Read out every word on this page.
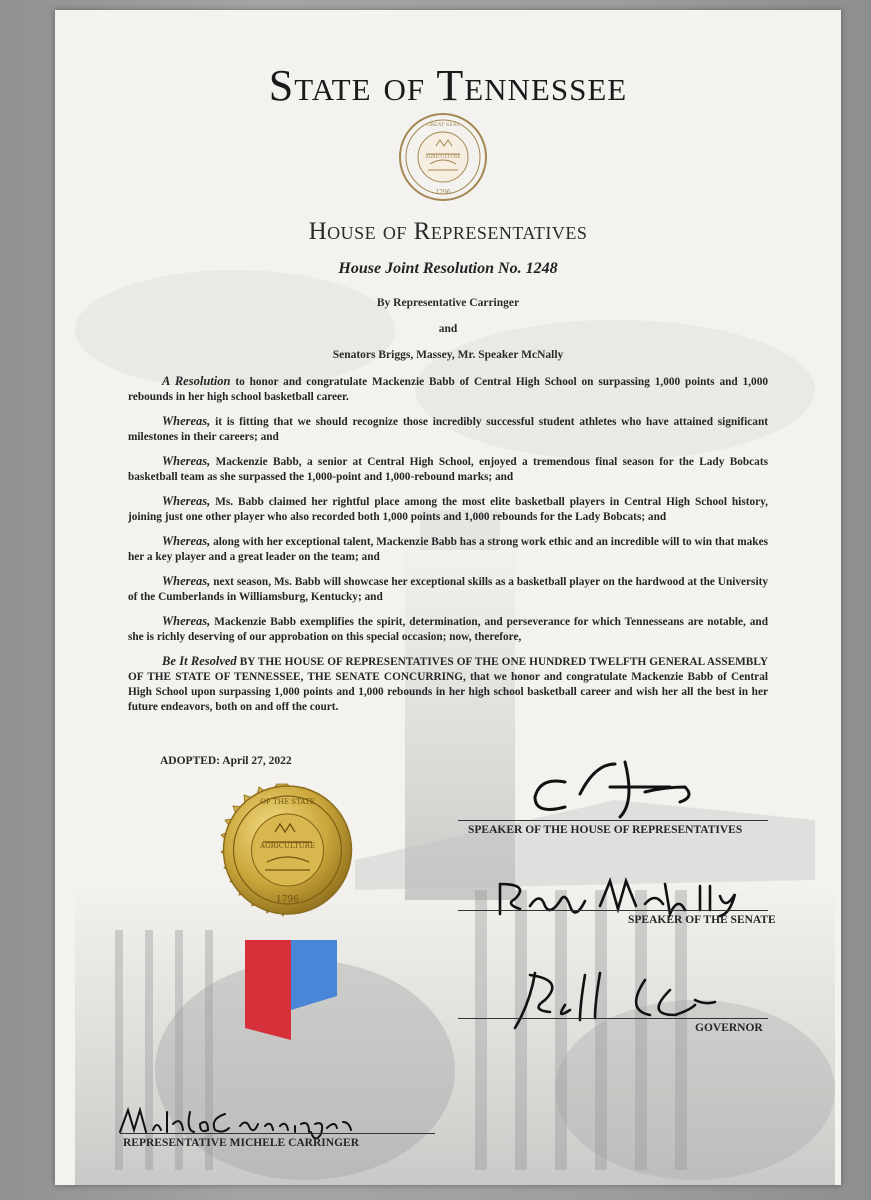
State of Tennessee
GREAT SEAL
1796
AGRICULTURE
House of Representatives
House Joint Resolution No. 1248
By Representative Carringer
and
Senators Briggs, Massey, Mr. Speaker McNally

A Resolution to honor and congratulate Mackenzie Babb of Central High School on surpassing 1,000 points and 1,000 rebounds in her high school basketball career.

Whereas, it is fitting that we should recognize those incredibly successful student athletes who have attained significant milestones in their careers; and

Whereas, Mackenzie Babb, a senior at Central High School, enjoyed a tremendous final season for the Lady Bobcats basketball team as she surpassed the 1,000-point and 1,000-rebound marks; and

Whereas, Ms. Babb claimed her rightful place among the most elite basketball players in Central High School history, joining just one other player who also recorded both 1,000 points and 1,000 rebounds for the Lady Bobcats; and

Whereas, along with her exceptional talent, Mackenzie Babb has a strong work ethic and an incredible will to win that makes her a key player and a great leader on the team; and

Whereas, next season, Ms. Babb will showcase her exceptional skills as a basketball player on the hardwood at the University of the Cumberlands in Williamsburg, Kentucky; and

Whereas, Mackenzie Babb exemplifies the spirit, determination, and perseverance for which Tennesseans are notable, and she is richly deserving of our approbation on this special occasion; now, therefore,

Be It Resolved BY THE HOUSE OF REPRESENTATIVES OF THE ONE HUNDRED TWELFTH GENERAL ASSEMBLY OF THE STATE OF TENNESSEE, THE SENATE CONCURRING, that we honor and congratulate Mackenzie Babb of Central High School upon surpassing 1,000 points and 1,000 rebounds in her high school basketball career and wish her all the best in her future endeavors, both on and off the court.

ADOPTED: April 27, 2022
SPEAKER OF THE HOUSE OF REPRESENTATIVES
SPEAKER OF THE SENATE
GOVERNOR
REPRESENTATIVE MICHELE CARRINGER
AGRICULTURE
1796
OF THE STATE
